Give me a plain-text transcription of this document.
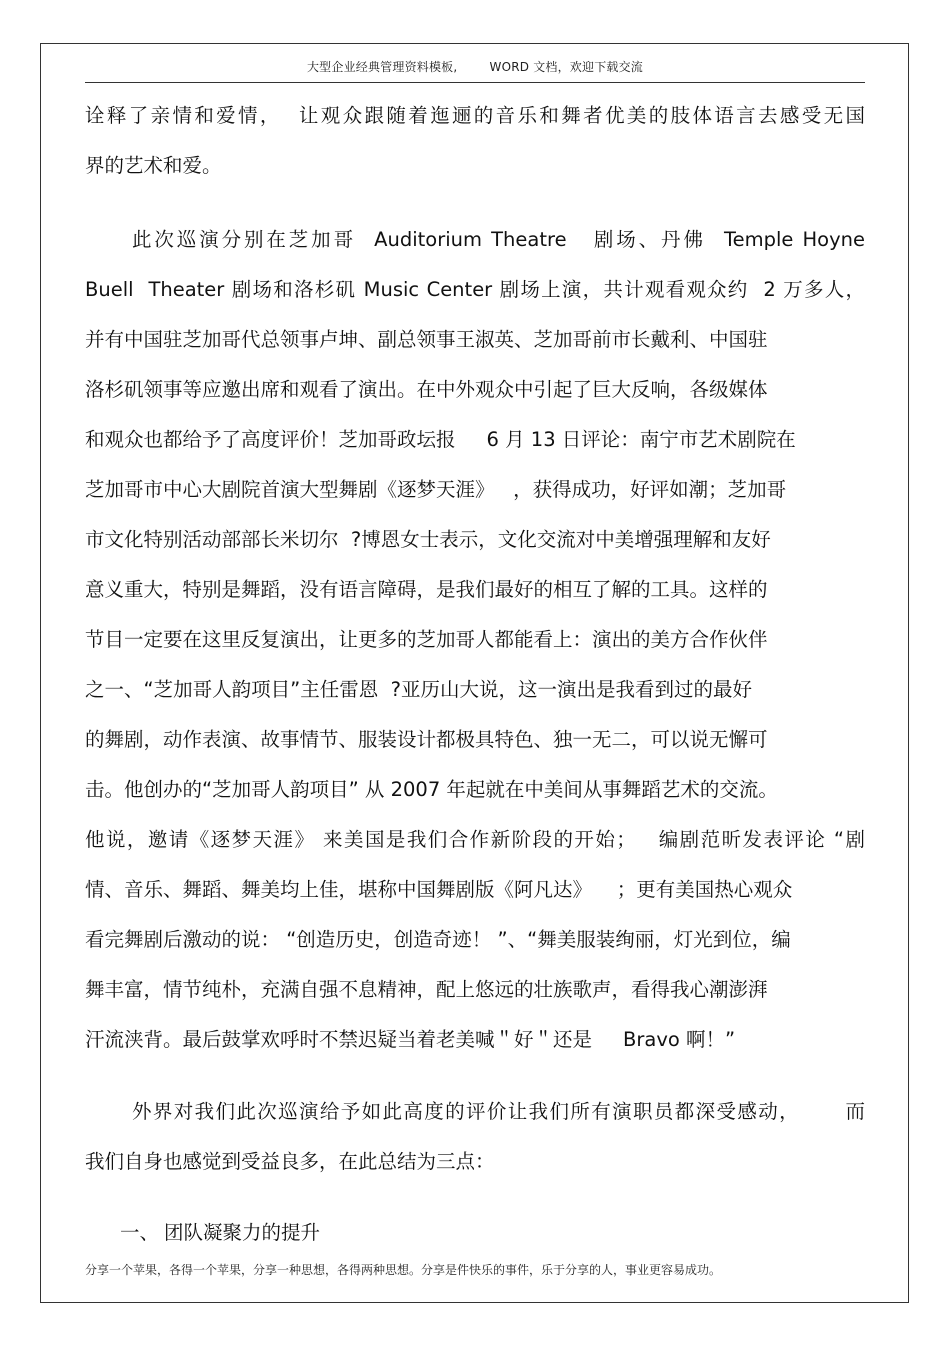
大型企业经典管理资料模板,        WORD 文档，欢迎下载交流
诠释了亲情和爱情，  让观众跟随着迤逦的音乐和舞者优美的肢体语言去感受无国
界的艺术和爱。
此次巡演分别在芝加哥  Auditorium Theatre   剧场、丹佛  Temple Hoyne
Buell  Theater 剧场和洛杉矶 Music Center 剧场上演，共计观看观众约  2 万多人，
并有中国驻芝加哥代总领事卢坤、副总领事王淑英、芝加哥前市长戴利、中国驻
洛杉矶领事等应邀出席和观看了演出。在中外观众中引起了巨大反响，各级媒体
和观众也都给予了高度评价！芝加哥政坛报     6 月 13 日评论：南宁市艺术剧院在
芝加哥市中心大剧院首演大型舞剧《逐梦天涯》   ，获得成功，好评如潮；芝加哥
市文化特别活动部部长米切尔  ?博恩女士表示，文化交流对中美增强理解和友好
意义重大，特别是舞蹈，没有语言障碍，是我们最好的相互了解的工具。这样的
节目一定要在这里反复演出，让更多的芝加哥人都能看上：演出的美方合作伙伴
之一、“芝加哥人韵项目”主任雷恩  ?亚历山大说，这一演出是我看到过的最好
的舞剧，动作表演、故事情节、服装设计都极具特色、独一无二，可以说无懈可
击。他创办的“芝加哥人韵项目” 从 2007 年起就在中美间从事舞蹈艺术的交流。
他说，邀请《逐梦天涯》 来美国是我们合作新阶段的开始；   编剧范昕发表评论 “剧
情、音乐、舞蹈、舞美均上佳，堪称中国舞剧版《阿凡达》    ；更有美国热心观众
看完舞剧后激动的说： “创造历史，创造奇迹！ ”、“舞美服装绚丽，灯光到位，编
舞丰富，情节纯朴，充满自强不息精神，配上悠远的壮族歌声，看得我心潮澎湃
汗流浃背。最后鼓掌欢呼时不禁迟疑当着老美喊＂好＂还是     Bravo 啊！”
外界对我们此次巡演给予如此高度的评价让我们所有演职员都深受感动，      而
我们自身也感觉到受益良多，在此总结为三点：
一、 团队凝聚力的提升
分享一个苹果，各得一个苹果，分享一种思想，各得两种思想。分享是件快乐的事件，乐于分享的人，事业更容易成功。
